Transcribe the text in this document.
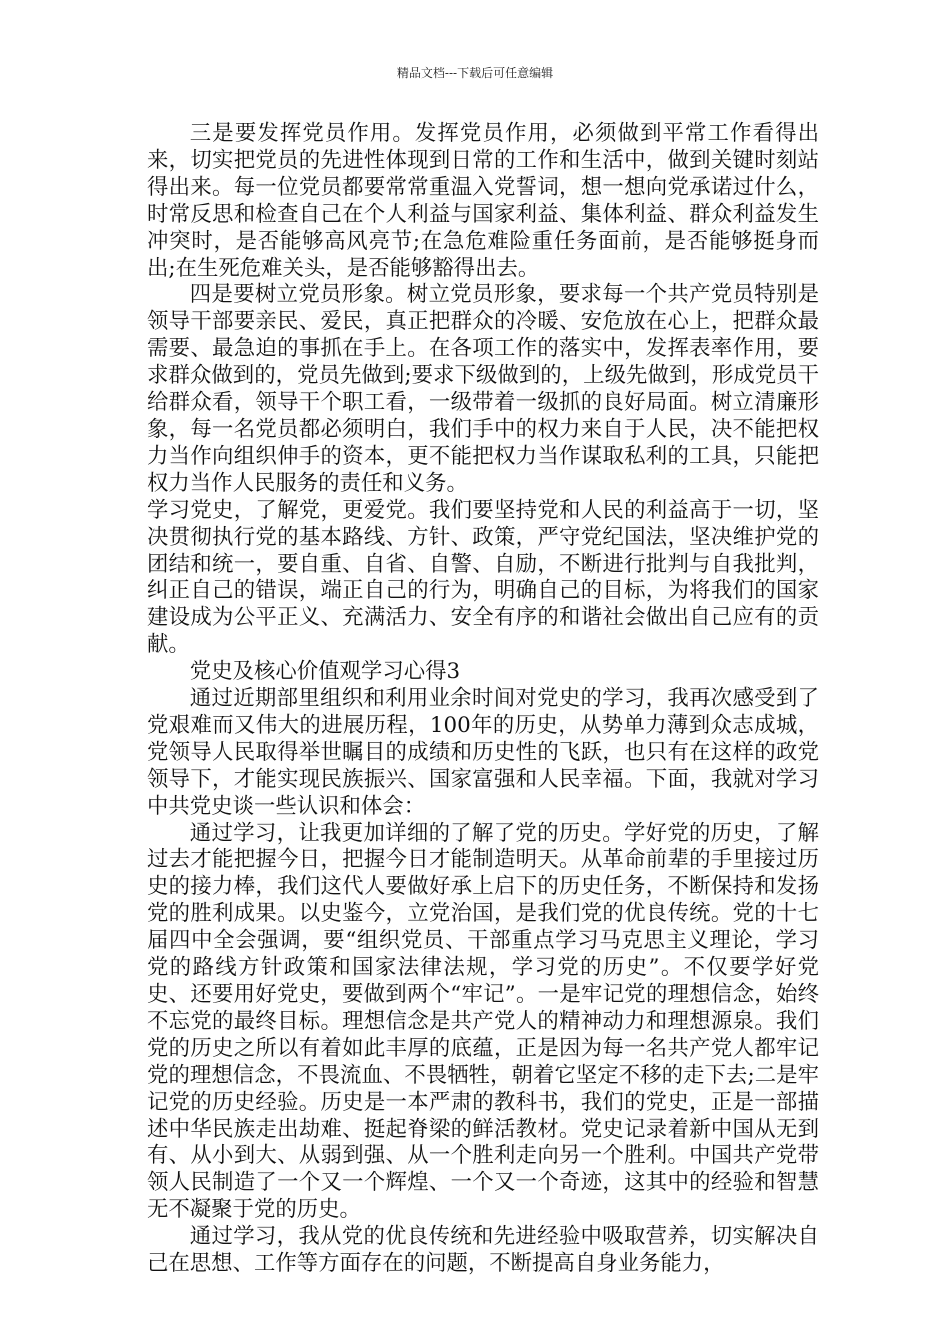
精品文档---下载后可任意编辑

三是要发挥党员作用。发挥党员作用，必须做到平常工作看得出来，切实把党员的先进性体现到日常的工作和生活中，做到关键时刻站得出来。每一位党员都要常常重温入党誓词，想一想向党承诺过什么，时常反思和检查自己在个人利益与国家利益、集体利益、群众利益发生冲突时，是否能够高风亮节;在急危难险重任务面前，是否能够挺身而出;在生死危难关头，是否能够豁得出去。

四是要树立党员形象。树立党员形象，要求每一个共产党员特别是领导干部要亲民、爱民，真正把群众的冷暖、安危放在心上，把群众最需要、最急迫的事抓在手上。在各项工作的落实中，发挥表率作用，要求群众做到的，党员先做到;要求下级做到的，上级先做到，形成党员干给群众看，领导干个职工看，一级带着一级抓的良好局面。树立清廉形象，每一名党员都必须明白，我们手中的权力来自于人民，决不能把权力当作向组织伸手的资本，更不能把权力当作谋取私利的工具，只能把权力当作人民服务的责任和义务。

学习党史，了解党，更爱党。我们要坚持党和人民的利益高于一切，坚决贯彻执行党的基本路线、方针、政策，严守党纪国法，坚决维护党的团结和统一，要自重、自省、自警、自励，不断进行批判与自我批判，纠正自己的错误，端正自己的行为，明确自己的目标，为将我们的国家建设成为公平正义、充满活力、安全有序的和谐社会做出自己应有的贡献。

党史及核心价值观学习心得3

通过近期部里组织和利用业余时间对党史的学习，我再次感受到了党艰难而又伟大的进展历程，100年的历史，从势单力薄到众志成城，党领导人民取得举世瞩目的成绩和历史性的飞跃，也只有在这样的政党领导下，才能实现民族振兴、国家富强和人民幸福。下面，我就对学习中共党史谈一些认识和体会：

通过学习，让我更加详细的了解了党的历史。学好党的历史，了解过去才能把握今日，把握今日才能制造明天。从革命前辈的手里接过历史的接力棒，我们这代人要做好承上启下的历史任务，不断保持和发扬党的胜利成果。以史鉴今，立党治国，是我们党的优良传统。党的十七届四中全会强调，要“组织党员、干部重点学习马克思主义理论，学习党的路线方针政策和国家法律法规，学习党的历史”。不仅要学好党史、还要用好党史，要做到两个“牢记”。一是牢记党的理想信念，始终不忘党的最终目标。理想信念是共产党人的精神动力和理想源泉。我们党的历史之所以有着如此丰厚的底蕴，正是因为每一名共产党人都牢记党的理想信念，不畏流血、不畏牺牲，朝着它坚定不移的走下去;二是牢记党的历史经验。历史是一本严肃的教科书，我们的党史，正是一部描述中华民族走出劫难、挺起脊梁的鲜活教材。党史记录着新中国从无到有、从小到大、从弱到强、从一个胜利走向另一个胜利。中国共产党带领人民制造了一个又一个辉煌、一个又一个奇迹，这其中的经验和智慧无不凝聚于党的历史。

通过学习，我从党的优良传统和先进经验中吸取营养，切实解决自己在思想、工作等方面存在的问题，不断提高自身业务能力，
